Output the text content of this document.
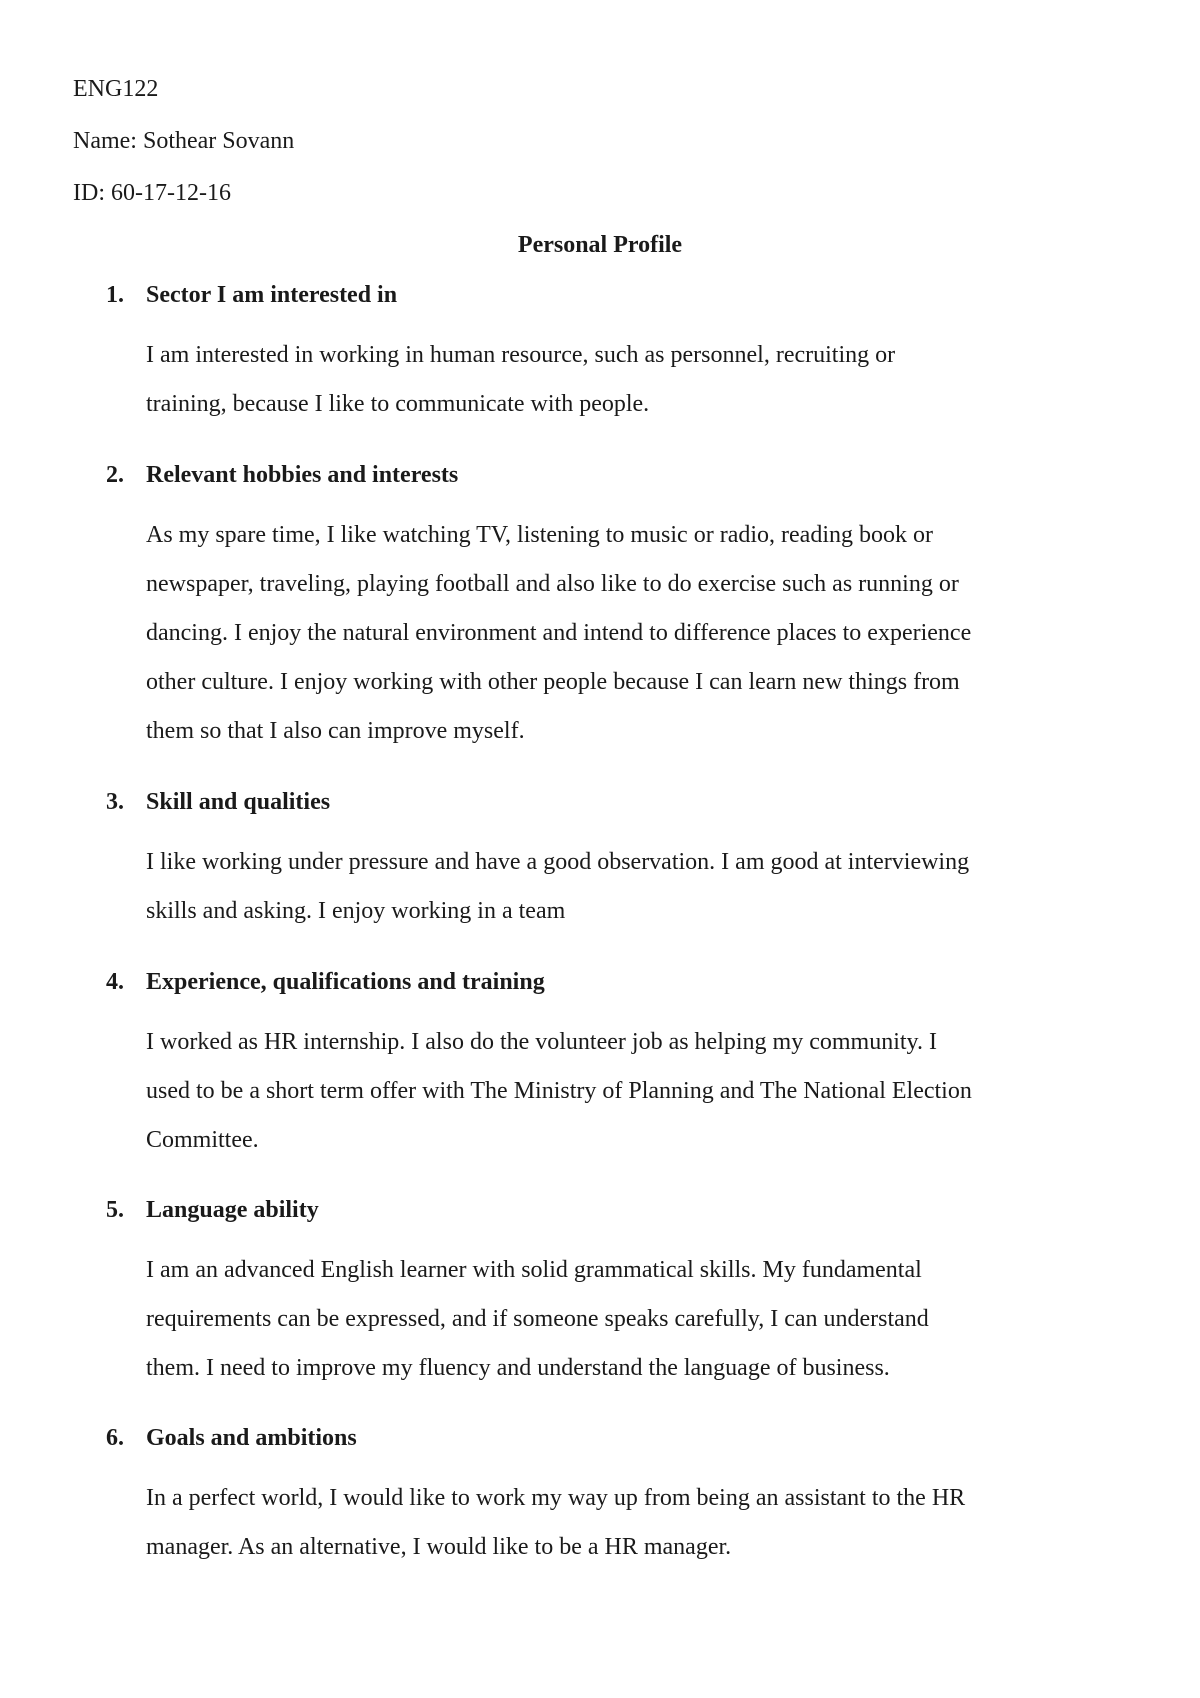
ENG122
Name: Sothear Sovann
ID: 60-17-12-16
Personal Profile
1. Sector I am interested in
I am interested in working in human resource, such as personnel, recruiting or
training, because I like to communicate with people.
2. Relevant hobbies and interests
As my spare time, I like watching TV, listening to music or radio, reading book or
newspaper, traveling, playing football and also like to do exercise such as running or
dancing. I enjoy the natural environment and intend to difference places to experience
other culture. I enjoy working with other people because I can learn new things from
them so that I also can improve myself.
3. Skill and qualities
I like working under pressure and have a good observation. I am good at interviewing
skills and asking. I enjoy working in a team
4. Experience, qualifications and training
I worked as HR internship. I also do the volunteer job as helping my community. I
used to be a short term offer with The Ministry of Planning and The National Election
Committee.
5. Language ability
I am an advanced English learner with solid grammatical skills. My fundamental
requirements can be expressed, and if someone speaks carefully, I can understand
them. I need to improve my fluency and understand the language of business.
6. Goals and ambitions
In a perfect world, I would like to work my way up from being an assistant to the HR
manager. As an alternative, I would like to be a HR manager.
